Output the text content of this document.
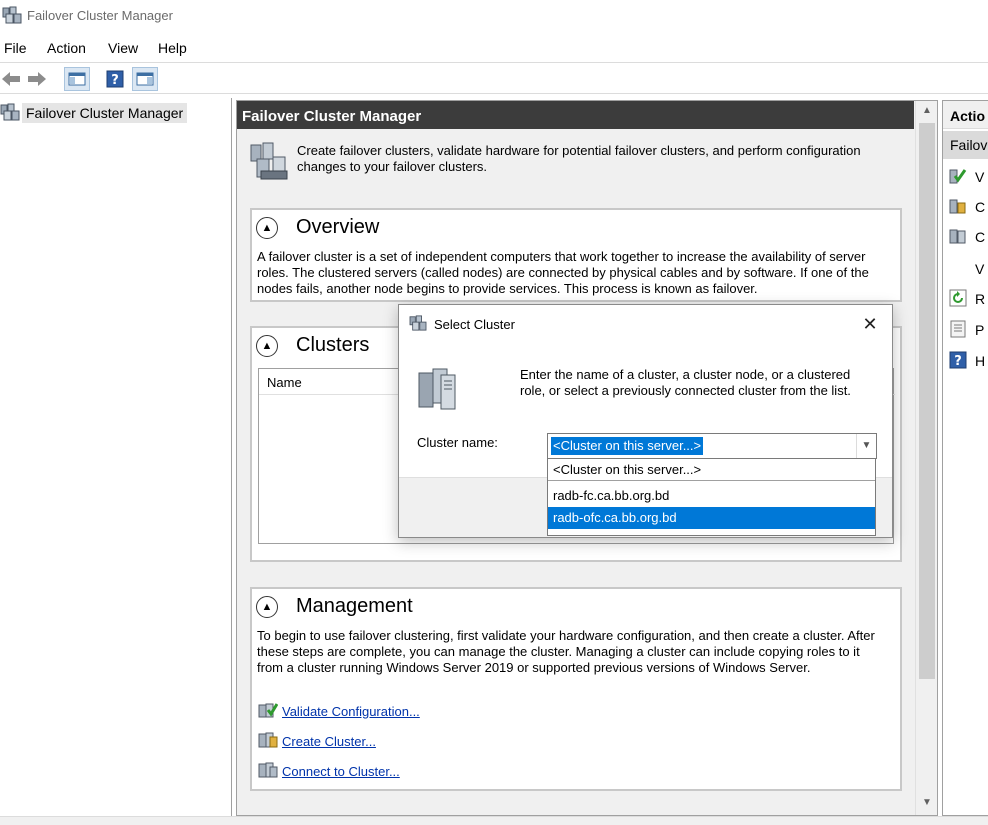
Failover Cluster Manager
File Action View Help
?
Failover Cluster Manager	Failover Cluster Manager
Create failover clusters, validate hardware for potential failover clusters, and perform configuration changes to your failover clusters.
▲ Overview
A failover cluster is a set of independent computers that work together to increase the availability of server roles. The clustered servers (called nodes) are connected by physical cables and by software. If one of the nodes fails, another node begins to provide services. This process is known as failover.
▲ Clusters
Name
▲ Management
To begin to use failover clustering, first validate your hardware configuration, and then create a cluster. After these steps are complete, you can manage the cluster. Managing a cluster can include copying roles to it from a cluster running Windows Server 2019 or supported previous versions of Windows Server.
Validate Configuration...
Create Cluster...
Connect to Cluster...
▲
▼
Actio
Failov
V
C
C
V
R
P
? H
Select Cluster	✕
Enter the name of a cluster, a cluster node, or a clustered role, or select a previously connected cluster from the list.
Cluster name:	<Cluster on this server...>	▼
<Cluster on this server...>
radb-fc.ca.bb.org.bd
radb-ofc.ca.bb.org.bd
